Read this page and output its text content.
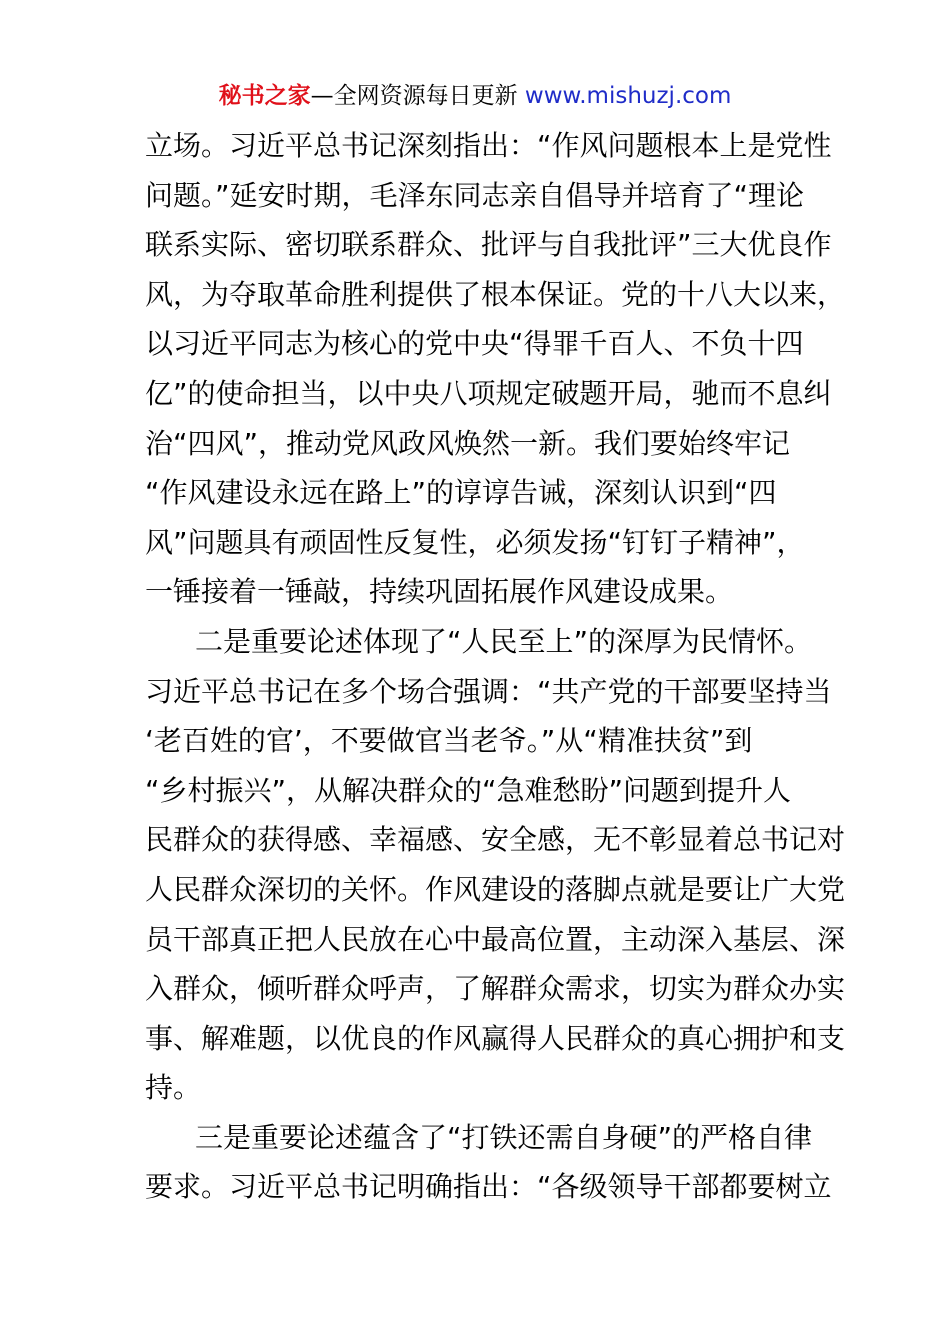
秘书之家—全网资源每日更新 www.mishuzj.com
立场。习近平总书记深刻指出：“作风问题根本上是党性
问题。”延安时期，毛泽东同志亲自倡导并培育了“理论
联系实际、密切联系群众、批评与自我批评”三大优良作
风，为夺取革命胜利提供了根本保证。党的十八大以来，
以习近平同志为核心的党中央“得罪千百人、不负十四
亿”的使命担当，以中央八项规定破题开局，驰而不息纠
治“四风”，推动党风政风焕然一新。我们要始终牢记
“作风建设永远在路上”的谆谆告诫，深刻认识到“四
风”问题具有顽固性反复性，必须发扬“钉钉子精神”，
一锤接着一锤敲，持续巩固拓展作风建设成果。
二是重要论述体现了“人民至上”的深厚为民情怀。
习近平总书记在多个场合强调：“共产党的干部要坚持当
‘老百姓的官’，不要做官当老爷。”从“精准扶贫”到
“乡村振兴”，从解决群众的“急难愁盼”问题到提升人
民群众的获得感、幸福感、安全感，无不彰显着总书记对
人民群众深切的关怀。作风建设的落脚点就是要让广大党
员干部真正把人民放在心中最高位置，主动深入基层、深
入群众，倾听群众呼声，了解群众需求，切实为群众办实
事、解难题，以优良的作风赢得人民群众的真心拥护和支
持。
三是重要论述蕴含了“打铁还需自身硬”的严格自律
要求。习近平总书记明确指出：“各级领导干部都要树立
